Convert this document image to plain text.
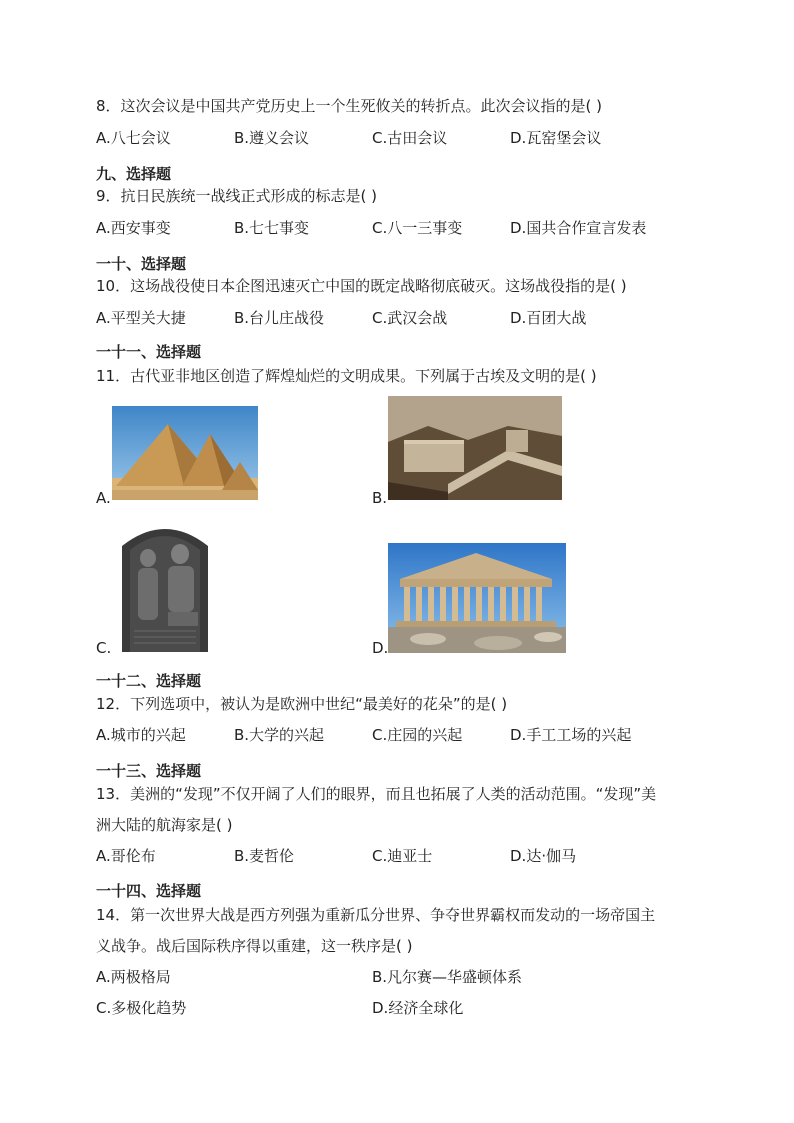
8．这次会议是中国共产党历史上一个生死攸关的转折点。此次会议指的是( )
A.八七会议	B.遵义会议	C.古田会议	D.瓦窑堡会议
九、选择题
9．抗日民族统一战线正式形成的标志是( )
A.西安事变	B.七七事变	C.八一三事变	D.国共合作宣言发表
一十、选择题
10．这场战役使日本企图迅速灭亡中国的既定战略彻底破灭。这场战役指的是( )
A.平型关大捷	B.台儿庄战役	C.武汉会战	D.百团大战
一十一、选择题
11．古代亚非地区创造了辉煌灿烂的文明成果。下列属于古埃及文明的是( )
A.	B.
C.	D.
一十二、选择题
12．下列选项中，被认为是欧洲中世纪“最美好的花朵”的是( )
A.城市的兴起	B.大学的兴起	C.庄园的兴起	D.手工工场的兴起
一十三、选择题
13．美洲的“发现”不仅开阔了人们的眼界，而且也拓展了人类的活动范围。“发现”美
洲大陆的航海家是( )
A.哥伦布	B.麦哲伦	C.迪亚士	D.达·伽马
一十四、选择题
14．第一次世界大战是西方列强为重新瓜分世界、争夺世界霸权而发动的一场帝国主
义战争。战后国际秩序得以重建，这一秩序是( )
A.两极格局	B.凡尔赛—华盛顿体系
C.多极化趋势	D.经济全球化
